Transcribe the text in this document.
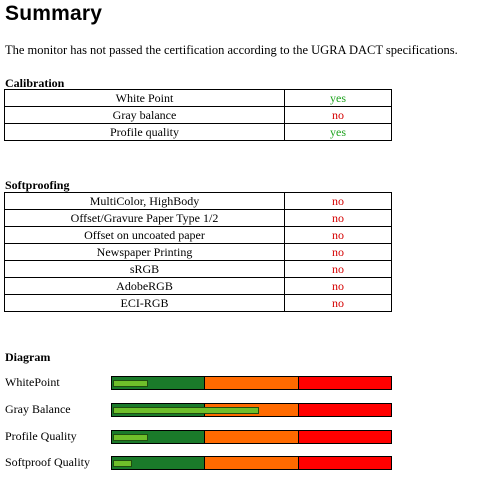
Summary
The monitor has not passed the certification according to the UGRA DACT specifications.
Calibration
White Point	yes
Gray balance	no
Profile quality	yes
Softproofing
MultiColor, HighBody	no
Offset/Gravure Paper Type 1/2	no
Offset on uncoated paper	no
Newspaper Printing	no
sRGB	no
AdobeRGB	no
ECI-RGB	no
Diagram
WhitePoint
Gray Balance
Profile Quality
Softproof Quality
